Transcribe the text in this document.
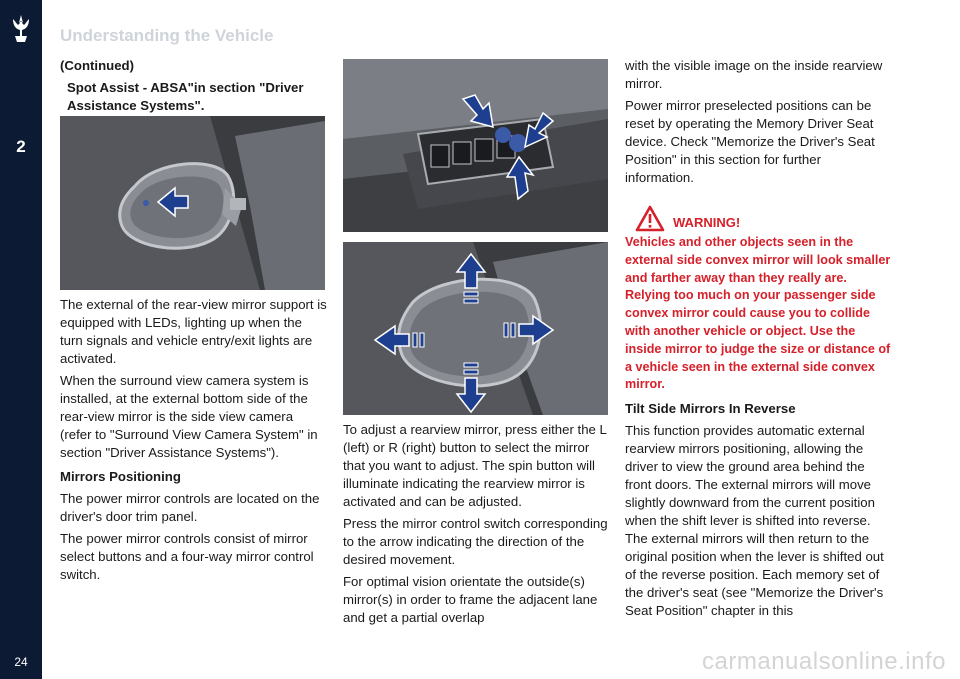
2
24
Understanding the Vehicle

(Continued)

Spot Assist - ABSA"in section "Driver Assistance Systems".

The external of the rear-view mirror support is equipped with LEDs, lighting up when the turn signals and vehicle entry/exit lights are activated.

When the surround view camera system is installed, at the external bottom side of the rear-view mirror is the side view camera (refer to "Surround View Camera System" in section "Driver Assistance Systems").

Mirrors Positioning

The power mirror controls are located on the driver's door trim panel.

The power mirror controls consist of mirror select buttons and a four-way mirror control switch.

To adjust a rearview mirror, press either the L (left) or R (right) button to select the mirror that you want to adjust. The spin button will illuminate indicating the rearview mirror is activated and can be adjusted.

Press the mirror control switch corresponding to the arrow indicating the direction of the desired movement.

For optimal vision orientate the outside(s) mirror(s) in order to frame the adjacent lane and get a partial overlap

with the visible image on the inside rearview mirror.

Power mirror preselected positions can be reset by operating the Memory Driver Seat device. Check "Memorize the Driver's Seat Position" in this section for further information.

WARNING!

Vehicles and other objects seen in the external side convex mirror will look smaller and farther away than they really are. Relying too much on your passenger side convex mirror could cause you to collide with another vehicle or object. Use the inside mirror to judge the size or distance of a vehicle seen in the external side convex mirror.

Tilt Side Mirrors In Reverse

This function provides automatic external rearview mirrors positioning, allowing the driver to view the ground area behind the front doors. The external mirrors will move slightly downward from the current position when the shift lever is shifted into reverse. The external mirrors will then return to the original position when the lever is shifted out of the reverse position. Each memory set of the driver's seat (see "Memorize the Driver's Seat Position" chapter in this

carmanualsonline.info
